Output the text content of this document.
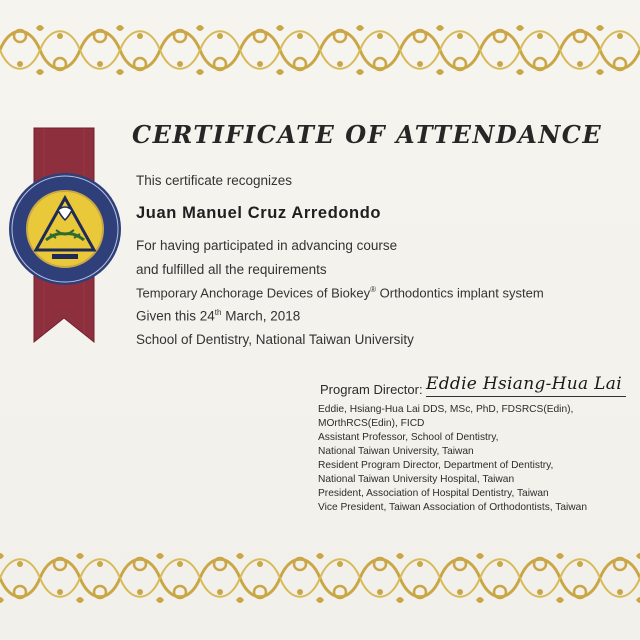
CERTIFICATE OF ATTENDANCE
This certificate recognizes
Juan Manuel Cruz Arredondo
For having participated in advancing course
and fulfilled all the requirements
Temporary Anchorage Devices of Biokey® Orthodontics implant system
Given this 24th March, 2018
School of Dentistry, National Taiwan University
Program Director: Eddie Hsiang-Hua Lai
Eddie, Hsiang-Hua Lai DDS, MSc, PhD, FDSRCS(Edin),
MOrthRCS(Edin), FICD
Assistant Professor, School of Dentistry,
National Taiwan University, Taiwan
Resident Program Director, Department of Dentistry,
National Taiwan University Hospital, Taiwan
President, Association of Hospital Dentistry, Taiwan
Vice President, Taiwan Association of Orthodontists, Taiwan
